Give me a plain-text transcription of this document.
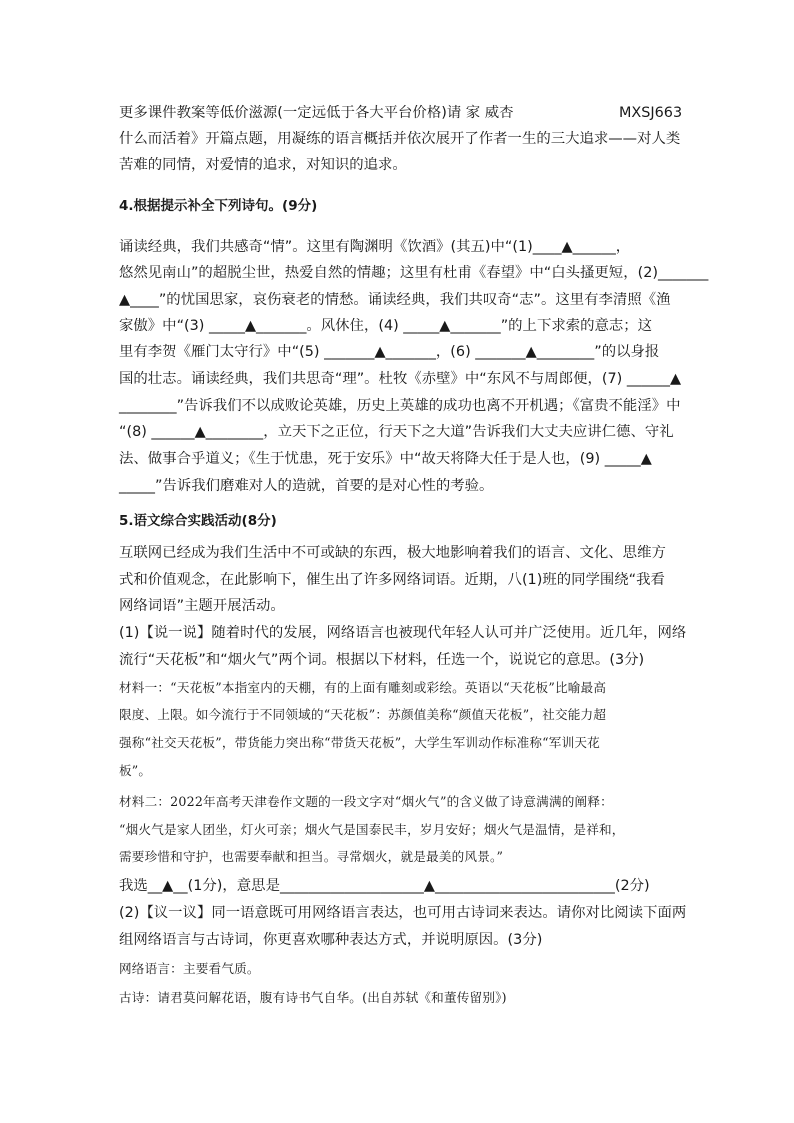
更多课件教案等低价滋源(一定远低于各大平台价格)请 家 威杏	MXSJ663
什么而活着》开篇点题，用凝练的语言概括并依次展开了作者一生的三大追求——对人类
苦难的同情，对爱情的追求，对知识的追求。
4.根据提示补全下列诗句。(9分)
诵读经典，我们共感奇“情”。这里有陶渊明《饮酒》(其五)中“(1)____▲______，
悠然见南山”的超脱尘世，热爱自然的情趣；这里有杜甫《春望》中“白头搔更短，(2)_______
▲____”的忧国思家，哀伤衰老的情愁。诵读经典，我们共叹奇“志”。这里有李清照《渔
家傲》中“(3) _____▲_______。风休住，(4) _____▲_______”的上下求索的意志；这
里有李贺《雁门太守行》中“(5) _______▲_______，(6) _______▲________”的以身报
国的壮志。诵读经典，我们共思奇“理”。杜牧《赤壁》中“东风不与周郎便，(7) ______▲
________”告诉我们不以成败论英雄，历史上英雄的成功也离不开机遇；《富贵不能淫》中
“(8) ______▲________，立天下之正位，行天下之大道”告诉我们大丈夫应讲仁德、守礼
法、做事合乎道义；《生于忧患，死于安乐》中“故天将降大任于是人也，(9) _____▲
_____”告诉我们磨难对人的造就，首要的是对心性的考验。
5.语文综合实践活动(8分)
互联网已经成为我们生活中不可或缺的东西，极大地影响着我们的语言、文化、思维方
式和价值观念，在此影响下，催生出了许多网络词语。近期，八(1)班的同学围绕“我看
网络词语”主题开展活动。
(1)【说一说】随着时代的发展，网络语言也被现代年轻人认可并广泛使用。近几年，网络
流行“天花板”和“烟火气”两个词。根据以下材料，任选一个，说说它的意思。(3分)
材料一：“天花板”本指室内的天棚，有的上面有雕刻或彩绘。英语以“天花板”比喻最高
限度、上限。如今流行于不同领域的“天花板”：苏颜值美称“颜值天花板”，社交能力超
强称“社交天花板”，带货能力突出称“带货天花板”，大学生军训动作标准称“军训天花
板”。
材料二：2022年高考天津卷作文题的一段文字对“烟火气”的含义做了诗意满满的阐释：
“烟火气是家人团坐，灯火可亲；烟火气是国泰民丰，岁月安好；烟火气是温情，是祥和，
需要珍惜和守护，也需要奉献和担当。寻常烟火，就是最美的风景。”
我选__▲__(1分)，意思是____________________▲_________________________(2分)
(2)【议一议】同一语意既可用网络语言表达，也可用古诗词来表达。请你对比阅读下面两
组网络语言与古诗词，你更喜欢哪种表达方式，并说明原因。(3分)
网络语言：主要看气质。
古诗：请君莫问解花语，腹有诗书气自华。(出自苏轼《和董传留别》)
